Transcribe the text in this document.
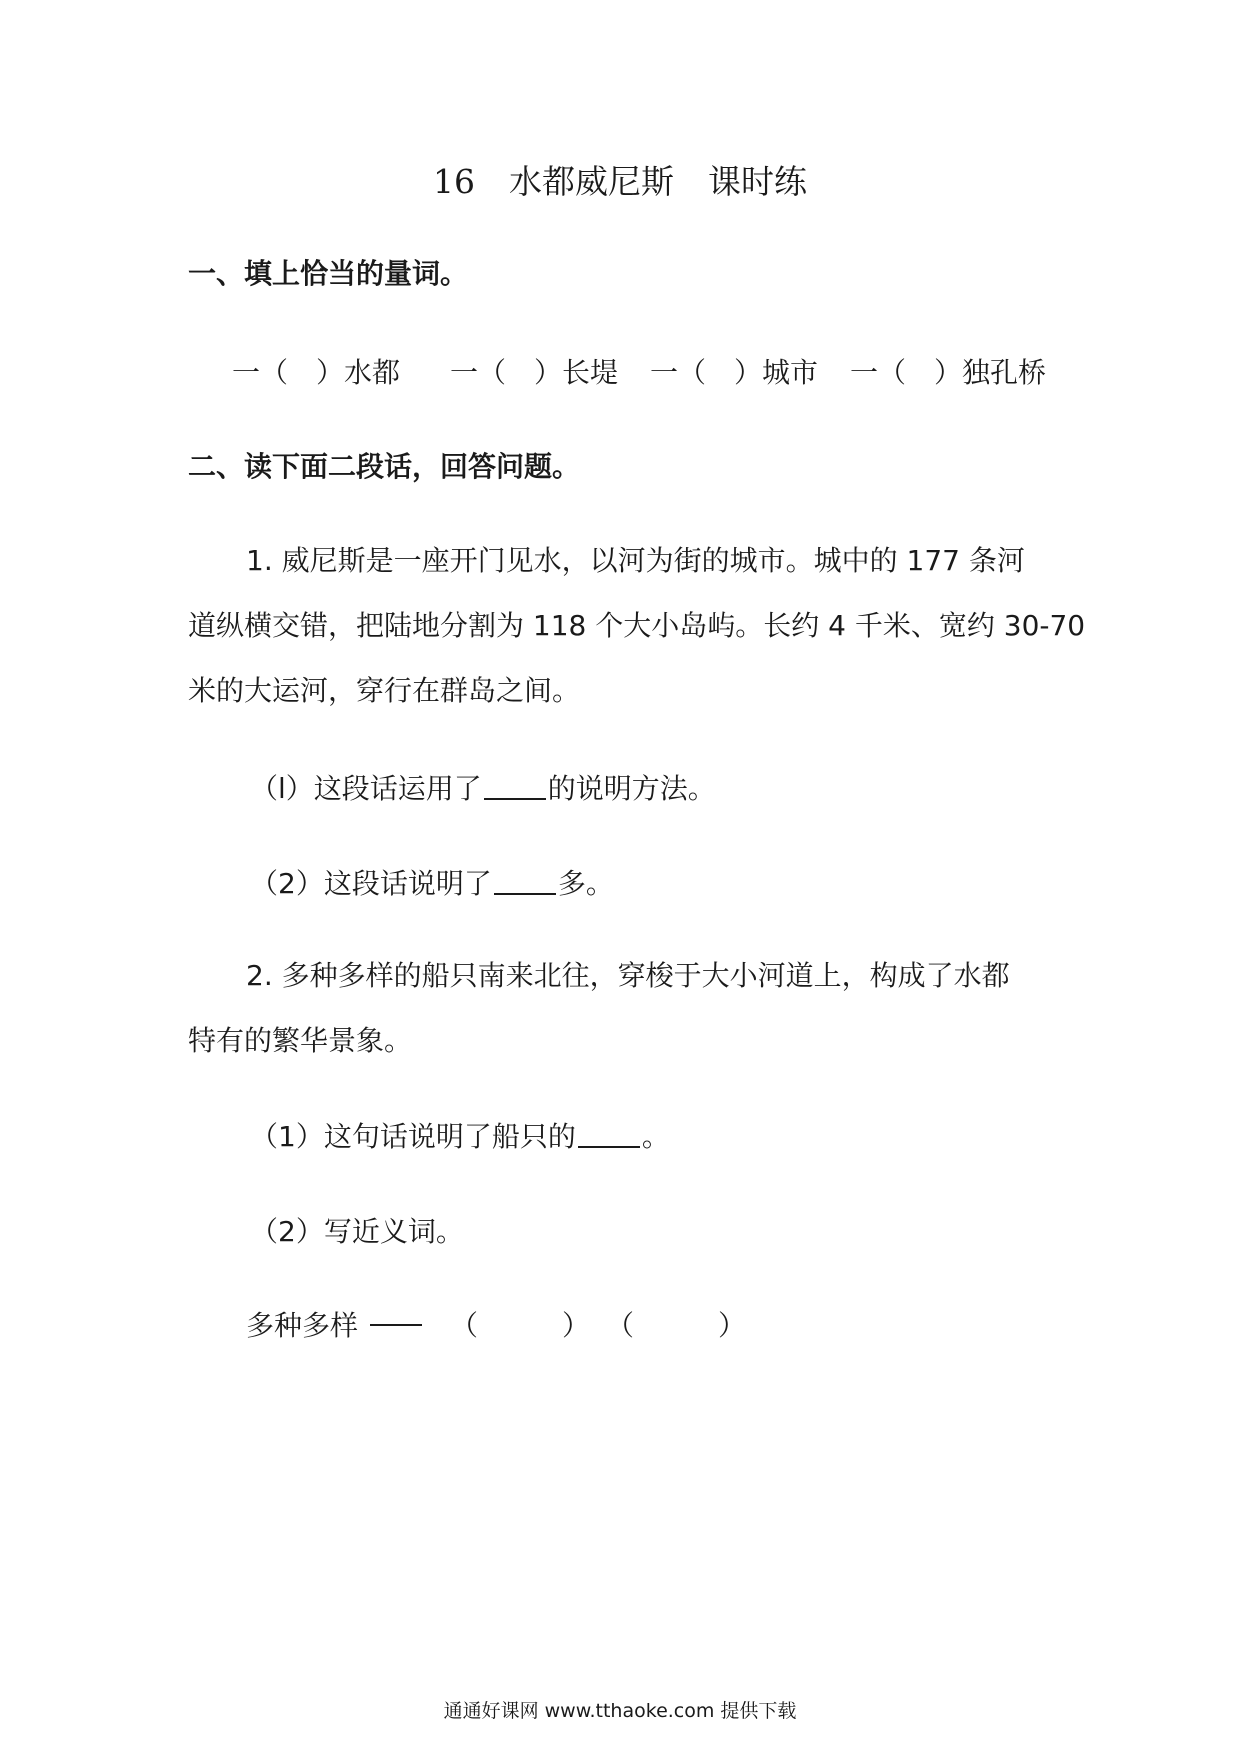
16 水都威尼斯 课时练
一、填上恰当的量词。
一（　）水都 一（　）长堤 一（　）城市 一（　）独孔桥
二、读下面二段话，回答问题。
1. 威尼斯是一座开门见水，以河为街的城市。城中的 177 条河
道纵横交错，把陆地分割为 118 个大小岛屿。长约 4 千米、宽约 30-70
米的大运河，穿行在群岛之间。
（l）这段话运用了 的说明方法。
（2）这段话说明了 多。
2. 多种多样的船只南来北往，穿梭于大小河道上，构成了水都
特有的繁华景象。
（1）这句话说明了船只的 。
（2）写近义词。
多种多样	（　　　） （　　　）
通通好课网 www.tthaoke.com 提供下载
